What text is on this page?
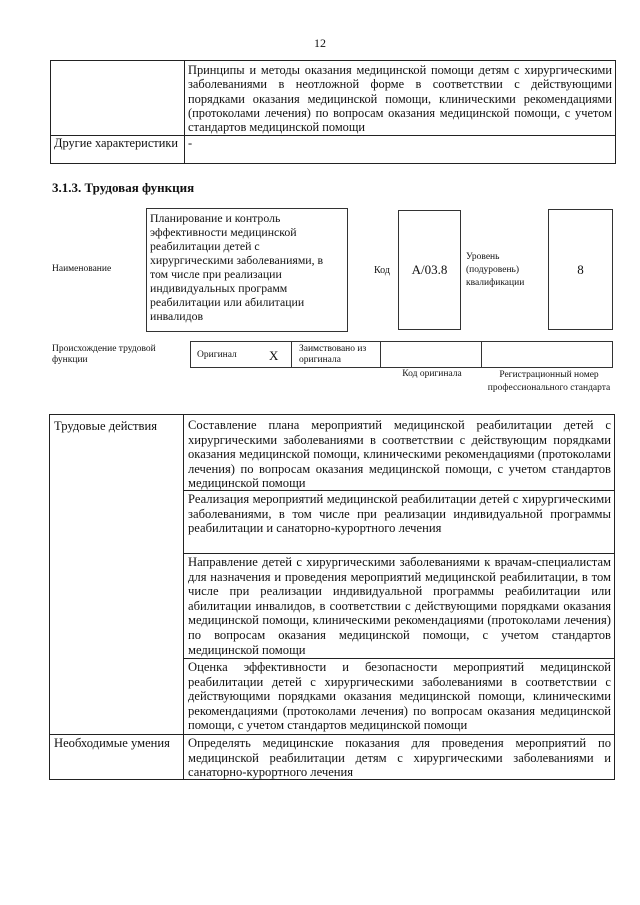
12
Принципы и методы оказания медицинской помощи детям с хирургическими заболеваниями в неотложной форме в соответствии с действующими порядками оказания медицинской помощи, клиническими рекомендациями (протоколами лечения) по вопросам оказания медицинской помощи, с учетом стандартов медицинской помощи
Другие характеристики -
3.1.3. Трудовая функция
Наименование
Планирование и контроль эффективности медицинской реабилитации детей с хирургическими заболеваниями, в том числе при реализации индивидуальных программ реабилитации или абилитации инвалидов
Код	A/03.8
Уровень (подуровень) квалификации
8
Происхождение трудовой функции	Оригинал X Заимствовано из оригинала
Код оригинала	Регистрационный номер профессионального стандарта
Трудовые действия Составление плана мероприятий медицинской реабилитации детей с хирургическими заболеваниями в соответствии с действующим порядками оказания медицинской помощи, клиническими рекомендациями (протоколами лечения) по вопросам оказания медицинской помощи, с учетом стандартов медицинской помощи
Реализация мероприятий медицинской реабилитации детей с хирургическими заболеваниями, в том числе при реализации индивидуальной программы реабилитации и санаторно-курортного лечения
Направление детей с хирургическими заболеваниями к врачам-специалистам для назначения и проведения мероприятий медицинской реабилитации, в том числе при реализации индивидуальной программы реабилитации или абилитации инвалидов, в соответствии с действующими порядками оказания медицинской помощи, клиническими рекомендациями (протоколами лечения) по вопросам оказания медицинской помощи, с учетом стандартов медицинской помощи
Оценка эффективности и безопасности мероприятий медицинской реабилитации детей с хирургическими заболеваниями в соответствии с действующими порядками оказания медицинской помощи, клиническими рекомендациями (протоколами лечения) по вопросам оказания медицинской помощи, с учетом стандартов медицинской помощи
Необходимые умения Определять медицинские показания для проведения мероприятий по медицинской реабилитации детям с хирургическими заболеваниями и санаторно-курортного лечения
